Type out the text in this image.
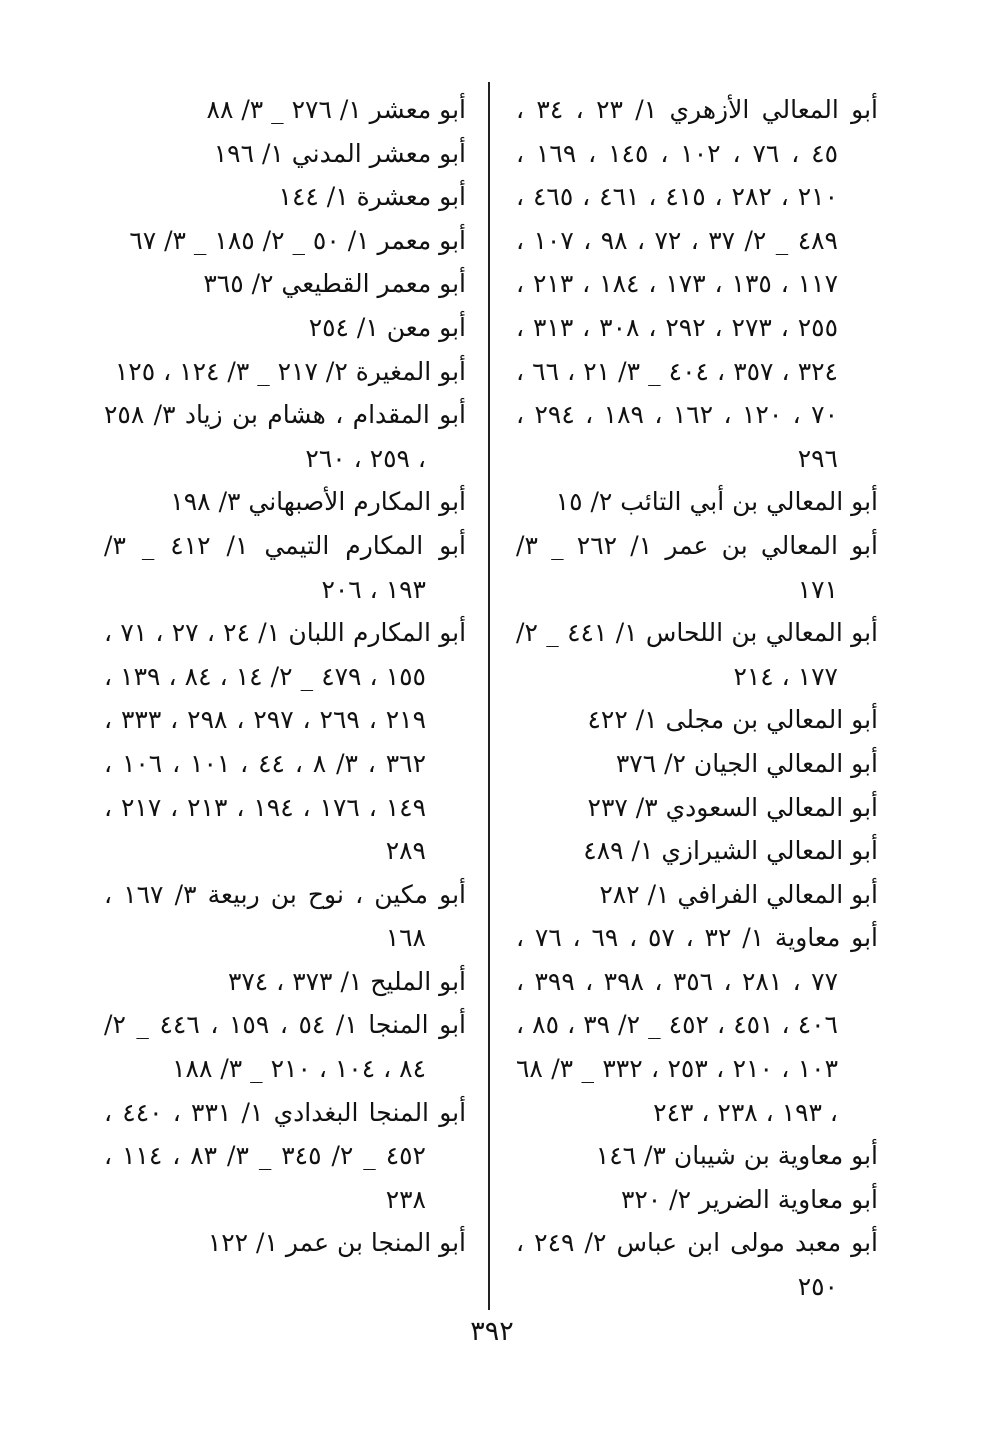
أبو المعالي الأزهري ١/ ٢٣ ، ٣٤ ، ٤٥ ، ٧٦ ، ١٠٢ ، ١٤٥ ، ١٦٩ ، ٢١٠ ، ٢٨٢ ، ٤١٥ ، ٤٦١ ، ٤٦٥ ، ٤٨٩ _ ٢/ ٣٧ ، ٧٢ ، ٩٨ ، ١٠٧ ، ١١٧ ، ١٣٥ ، ١٧٣ ، ١٨٤ ، ٢١٣ ، ٢٥٥ ، ٢٧٣ ، ٢٩٢ ، ٣٠٨ ، ٣١٣ ، ٣٢٤ ، ٣٥٧ ، ٤٠٤ _ ٣/ ٢١ ، ٦٦ ، ٧٠ ، ١٢٠ ، ١٦٢ ، ١٨٩ ، ٢٩٤ ، ٢٩٦

أبو المعالي بن أبي التائب ٢/ ١٥

أبو المعالي بن عمر ١/ ٢٦٢ _ ٣/ ١٧١

أبو المعالي بن اللحاس ١/ ٤٤١ _ ٢/ ١٧٧ ، ٢١٤

أبو المعالي بن مجلى ١/ ٤٢٢

أبو المعالي الجيان ٢/ ٣٧٦

أبو المعالي السعودي ٣/ ٢٣٧

أبو المعالي الشيرازي ١/ ٤٨٩

أبو المعالي الفرافي ١/ ٢٨٢

أبو معاوية ١/ ٣٢ ، ٥٧ ، ٦٩ ، ٧٦ ، ٧٧ ، ٢٨١ ، ٣٥٦ ، ٣٩٨ ، ٣٩٩ ، ٤٠٦ ، ٤٥١ ، ٤٥٢ _ ٢/ ٣٩ ، ٨٥ ، ١٠٣ ، ٢١٠ ، ٢٥٣ ، ٣٣٢ _ ٣/ ٦٨ ، ١٩٣ ، ٢٣٨ ، ٢٤٣

أبو معاوية بن شيبان ٣/ ١٤٦

أبو معاوية الضرير ٢/ ٣٢٠

أبو معبد مولى ابن عباس ٢/ ٢٤٩ ، ٢٥٠

أبو معشر ١/ ٢٧٦ _ ٣/ ٨٨

أبو معشر المدني ١/ ١٩٦

أبو معشرة ١/ ١٤٤

أبو معمر ١/ ٥٠ _ ٢/ ١٨٥ _ ٣/ ٦٧

أبو معمر القطيعي ٢/ ٣٦٥

أبو معن ١/ ٢٥٤

أبو المغيرة ٢/ ٢١٧ _ ٣/ ١٢٤ ، ١٢٥

أبو المقدام ، هشام بن زياد ٣/ ٢٥٨ ، ٢٥٩ ، ٢٦٠

أبو المكارم الأصبهاني ٣/ ١٩٨

أبو المكارم التيمي ١/ ٤١٢ _ ٣/ ١٩٣ ، ٢٠٦

أبو المكارم اللبان ١/ ٢٤ ، ٢٧ ، ٧١ ، ١٥٥ ، ٤٧٩ _ ٢/ ١٤ ، ٨٤ ، ١٣٩ ، ٢١٩ ، ٢٦٩ ، ٢٩٧ ، ٢٩٨ ، ٣٣٣ ، ٣٦٢ ، ٣/ ٨ ، ٤٤ ، ١٠١ ، ١٠٦ ، ١٤٩ ، ١٧٦ ، ١٩٤ ، ٢١٣ ، ٢١٧ ، ٢٨٩

أبو مكين ، نوح بن ربيعة ٣/ ١٦٧ ، ١٦٨

أبو المليح ١/ ٣٧٣ ، ٣٧٤

أبو المنجا ١/ ٥٤ ، ١٥٩ ، ٤٤٦ _ ٢/ ٨٤ ، ١٠٤ ، ٢١٠ _ ٣/ ١٨٨

أبو المنجا البغدادي ١/ ٣٣١ ، ٤٤٠ ، ٤٥٢ _ ٢/ ٣٤٥ _ ٣/ ٨٣ ، ١١٤ ، ٢٣٨

أبو المنجا بن عمر ١/ ١٢٢

٣٩٢
